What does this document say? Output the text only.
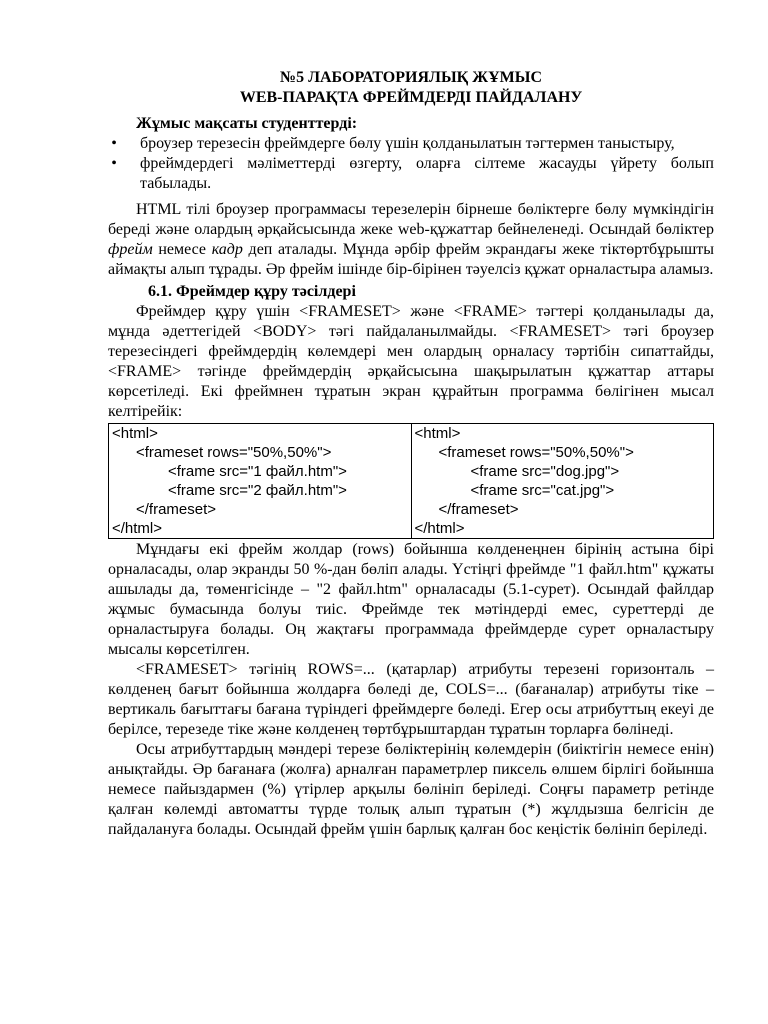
№5 ЛАБОРАТОРИЯЛЫҚ ЖҰМЫС
WEB-ПАРАҚТА ФРЕЙМДЕРДІ ПАЙДАЛАНУ
Жұмыс мақсаты студенттерді:
• броузер терезесін фреймдерге бөлу үшін қолданылатын тәгтермен таныстыру,
• фреймдердегі мәліметтерді өзгерту, оларға сілтеме жасауды үйрету болып табылады.

HTML тілі броузер программасы терезелерін бірнеше бөліктерге бөлу мүмкіндігін береді және олардың әрқайсысында жеке web-құжаттар бейнеленеді. Осындай бөліктер фрейм немесе кадр деп аталады. Мұнда әрбір фрейм экрандағы жеке тіктөртбұрышты аймақты алып тұрады. Әр фрейм ішінде бір-бірінен тәуелсіз құжат орналастыра аламыз.

6.1. Фреймдер құру тәсілдері

Фреймдер құру үшін <FRAMESET> және <FRAME> тәгтері қолданылады да, мұнда әдеттегідей <BODY> тәгі пайдаланылмайды. <FRAMESET> тәгі броузер терезесіндегі фреймдердің көлемдері мен олардың орналасу тәртібін сипаттайды, <FRAME> тәгінде фреймдердің әрқайсысына шақырылатын құжаттар аттары көрсетіледі. Екі фреймнен тұратын экран құрайтын программа бөлігінен мысал келтірейік:

<html>
<frameset rows="50%,50%">
<frame src="1 файл.htm">
<frame src="2 файл.htm">
</frameset>
</html>

<html>
<frameset rows="50%,50%">
<frame src="dog.jpg">
<frame src="cat.jpg">
</frameset>
</html>

Мұндағы екі фрейм жолдар (rows) бойынша көлденеңнен бірінің астына бірі орналасады, олар экранды 50 %-дан бөліп алады. Үстіңгі фреймде "1 файл.htm" құжаты ашылады да, төменгісінде – "2 файл.htm" орналасады (5.1-сурет). Осындай файлдар жұмыс бумасында болуы тиіс. Фреймде тек мәтіндерді емес, суреттерді де орналастыруға болады. Оң жақтағы программада фреймдерде сурет орналастыру мысалы көрсетілген.

<FRAMESET> тәгінің ROWS=... (қатарлар) атрибуты терезені горизонталь – көлденең бағыт бойынша жолдарға бөледі де, COLS=... (бағаналар) атрибуты тіке – вертикаль бағыттағы бағана түріндегі фреймдерге бөледі. Егер осы атрибуттың екеуі де берілсе, терезеде тіке және көлденең төртбұрыштардан тұратын торларға бөлінеді.

Осы атрибуттардың мәндері терезе бөліктерінің көлемдерін (биіктігін немесе енін) анықтайды. Әр бағанаға (жолға) арналған параметрлер пиксель өлшем бірлігі бойынша немесе пайыздармен (%) үтірлер арқылы бөлініп беріледі. Соңғы параметр ретінде қалған көлемді автоматты түрде толық алып тұратын (*) жұлдызша белгісін де пайдалануға болады. Осындай фрейм үшін барлық қалған бос кеңістік бөлініп беріледі.
